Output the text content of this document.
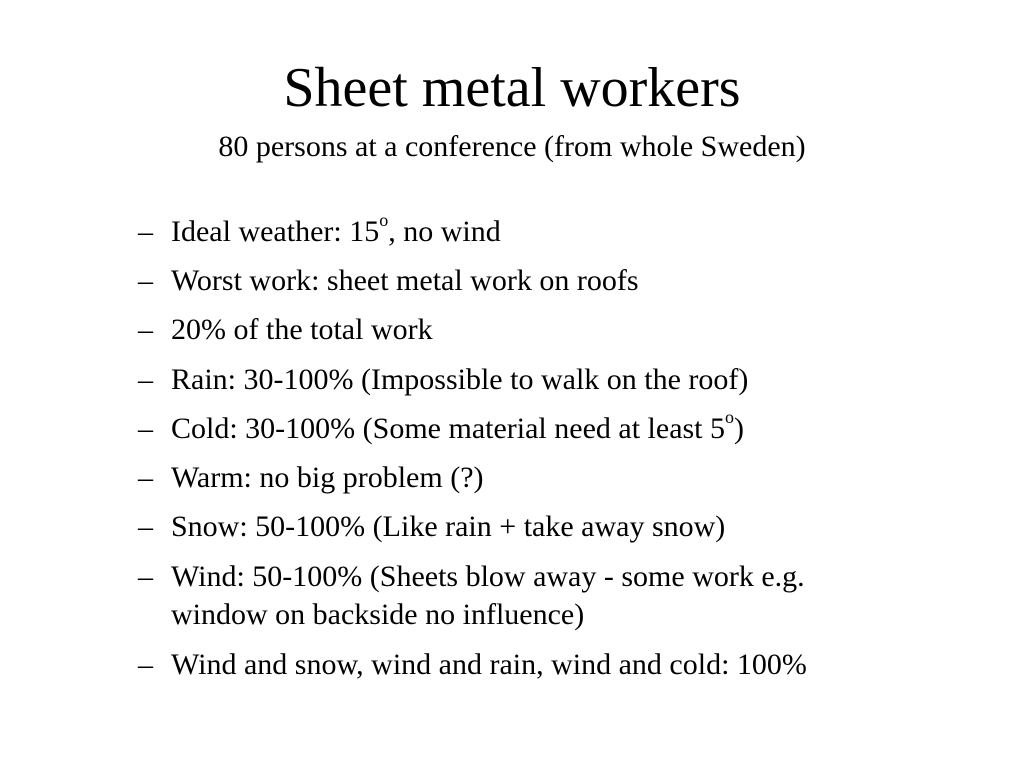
Sheet metal workers
80 persons at a conference (from whole Sweden)
– Ideal weather: 15$^o$, no wind
– Worst work: sheet metal work on roofs
– 20% of the total work
– Rain: 30-100% (Impossible to walk on the roof)
– Cold: 30-100% (Some material need at least 5$^o$)
– Warm: no big problem (?)
– Snow: 50-100% (Like rain + take away snow)
– Wind: 50-100% (Sheets blow away - some work e.g.
window on backside no influence)
– Wind and snow, wind and rain, wind and cold: 100%
